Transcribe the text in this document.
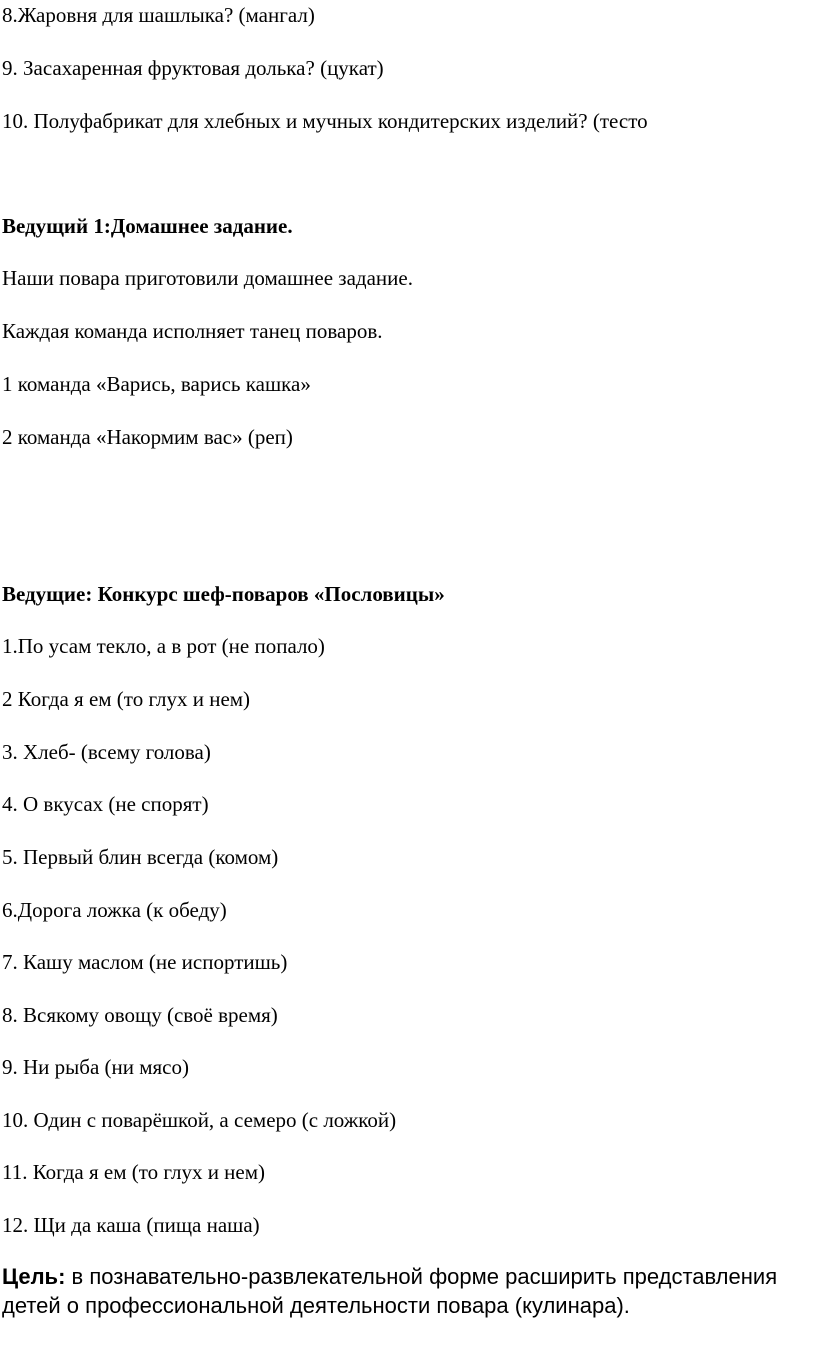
8.Жаровня для шашлыка? (мангал)
9. Засахаренная фруктовая долька? (цукат)
10. Полуфабрикат для хлебных и мучных кондитерских изделий? (тесто
Ведущий 1:Домашнее задание.
Наши повара приготовили домашнее задание.
Каждая команда исполняет танец поваров.
1 команда «Варись, варись кашка»
2 команда «Накормим вас» (реп)
Ведущие: Конкурс шеф-поваров «Пословицы»
1.По усам текло, а в рот (не попало)
2 Когда я ем (то глух и нем)
3. Хлеб- (всему голова)
4. О вкусах (не спорят)
5. Первый блин всегда (комом)
6.Дорога ложка (к обеду)
7. Кашу маслом (не испортишь)
8. Всякому овощу (своё время)
9. Ни рыба (ни мясо)
10. Один с поварёшкой, а семеро (с ложкой)
11. Когда я ем (то глух и нем)
12. Щи да каша (пища наша)
Цель: в познавательно-развлекательной форме расширить представления детей о профессиональной деятельности повара (кулинара).
